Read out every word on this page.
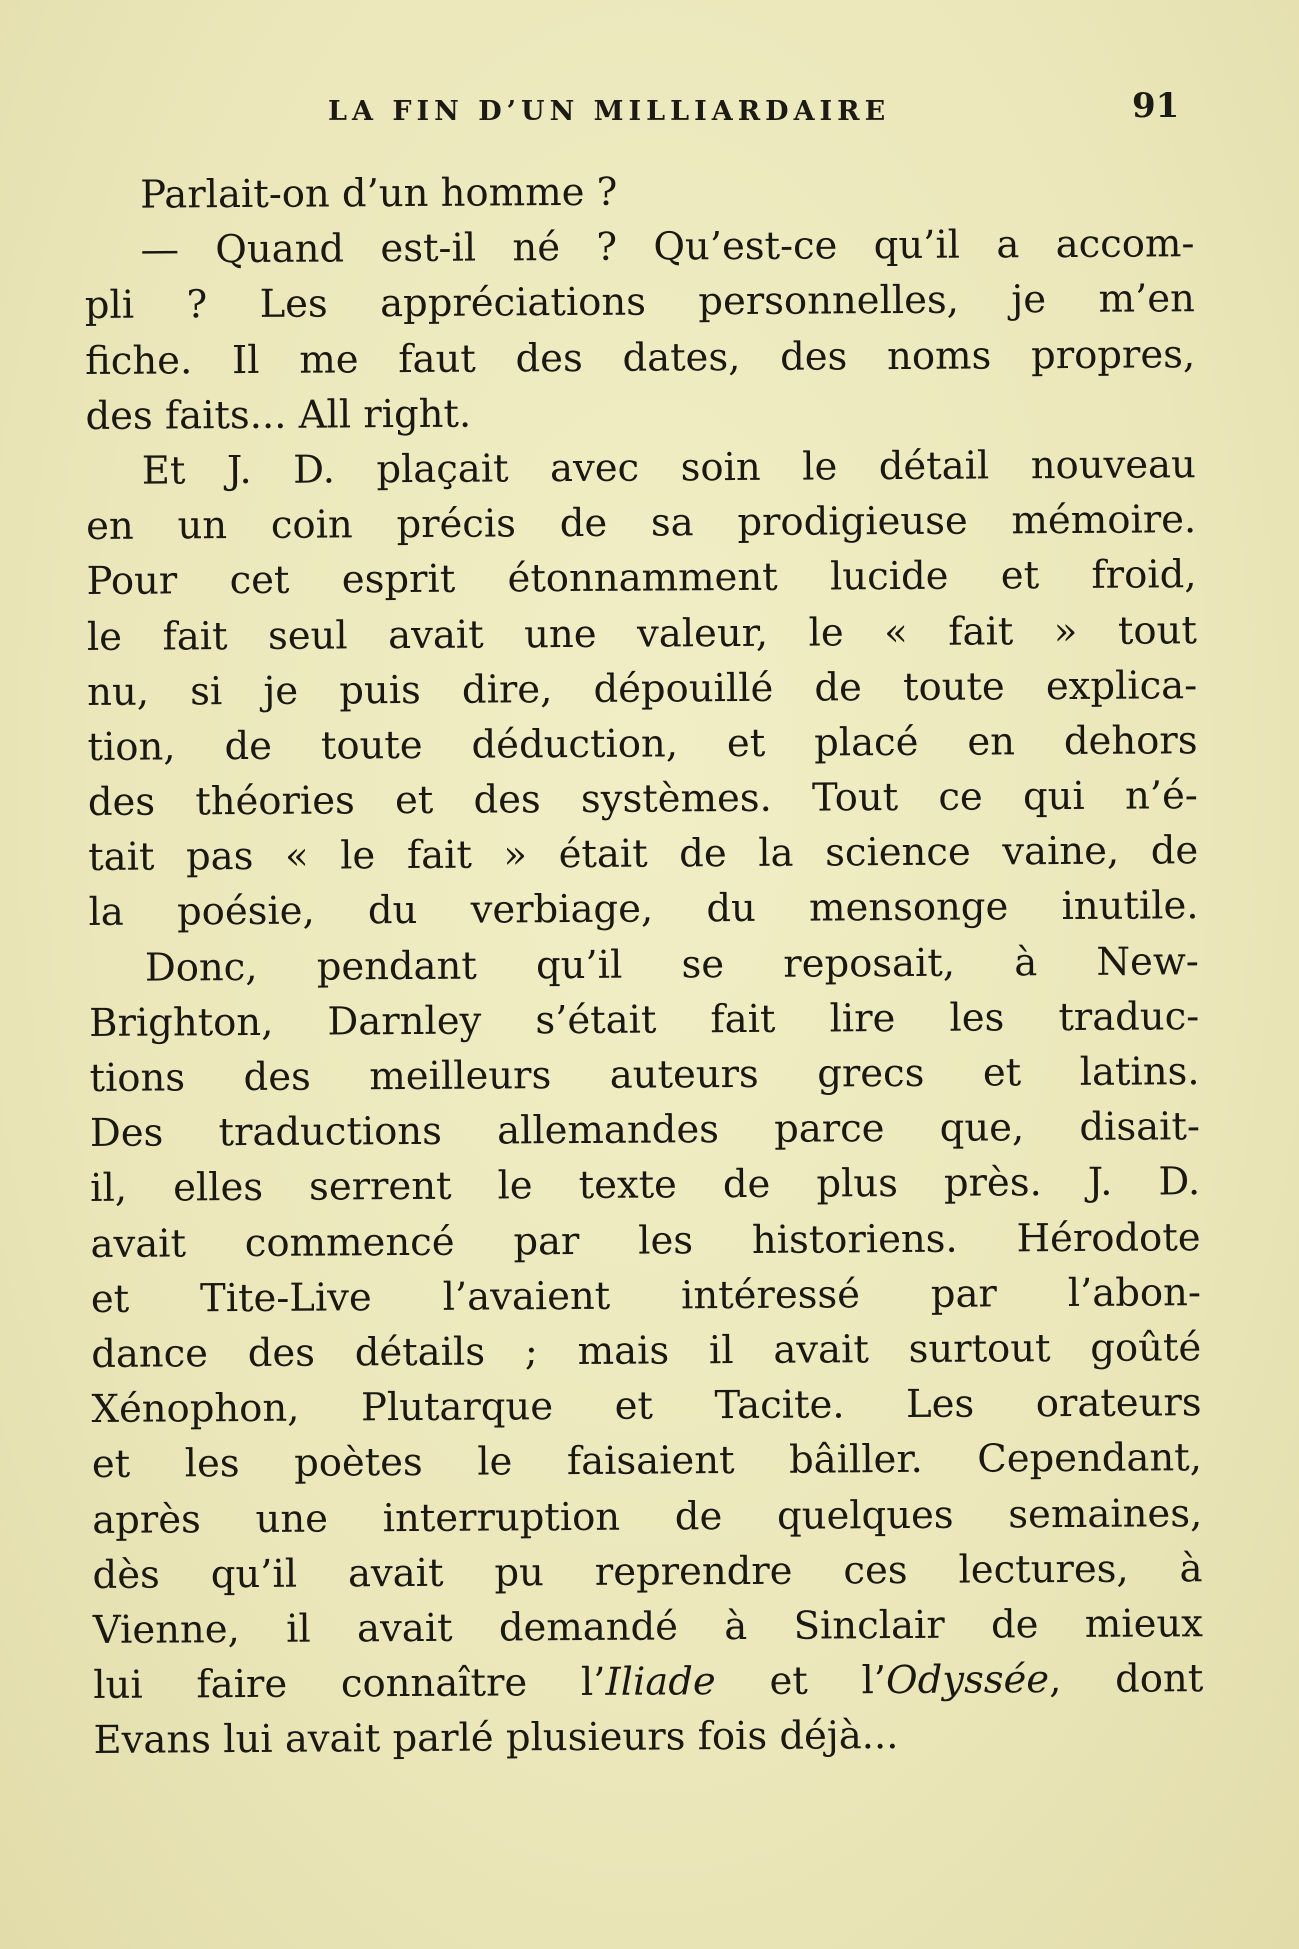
LA FIN D’UN MILLIARDAIRE	91
Parlait-on d’un homme ?
— Quand est-il né ? Qu’est-ce qu’il a accom-
pli ? Les appréciations personnelles, je m’en
fiche. Il me faut des dates, des noms propres,
des faits... All right.
Et J. D. plaçait avec soin le détail nouveau
en un coin précis de sa prodigieuse mémoire.
Pour cet esprit étonnamment lucide et froid,
le fait seul avait une valeur, le « fait » tout
nu, si je puis dire, dépouillé de toute explica-
tion, de toute déduction, et placé en dehors
des théories et des systèmes. Tout ce qui n’é-
tait pas « le fait » était de la science vaine, de
la poésie, du verbiage, du mensonge inutile.
Donc, pendant qu’il se reposait, à New-
Brighton, Darnley s’était fait lire les traduc-
tions des meilleurs auteurs grecs et latins.
Des traductions allemandes parce que, disait-
il, elles serrent le texte de plus près. J. D.
avait commencé par les historiens. Hérodote
et Tite-Live l’avaient intéressé par l’abon-
dance des détails ; mais il avait surtout goûté
Xénophon, Plutarque et Tacite. Les orateurs
et les poètes le faisaient bâiller. Cependant,
après une interruption de quelques semaines,
dès qu’il avait pu reprendre ces lectures, à
Vienne, il avait demandé à Sinclair de mieux
lui faire connaître l’Iliade et l’Odyssée, dont
Evans lui avait parlé plusieurs fois déjà...
